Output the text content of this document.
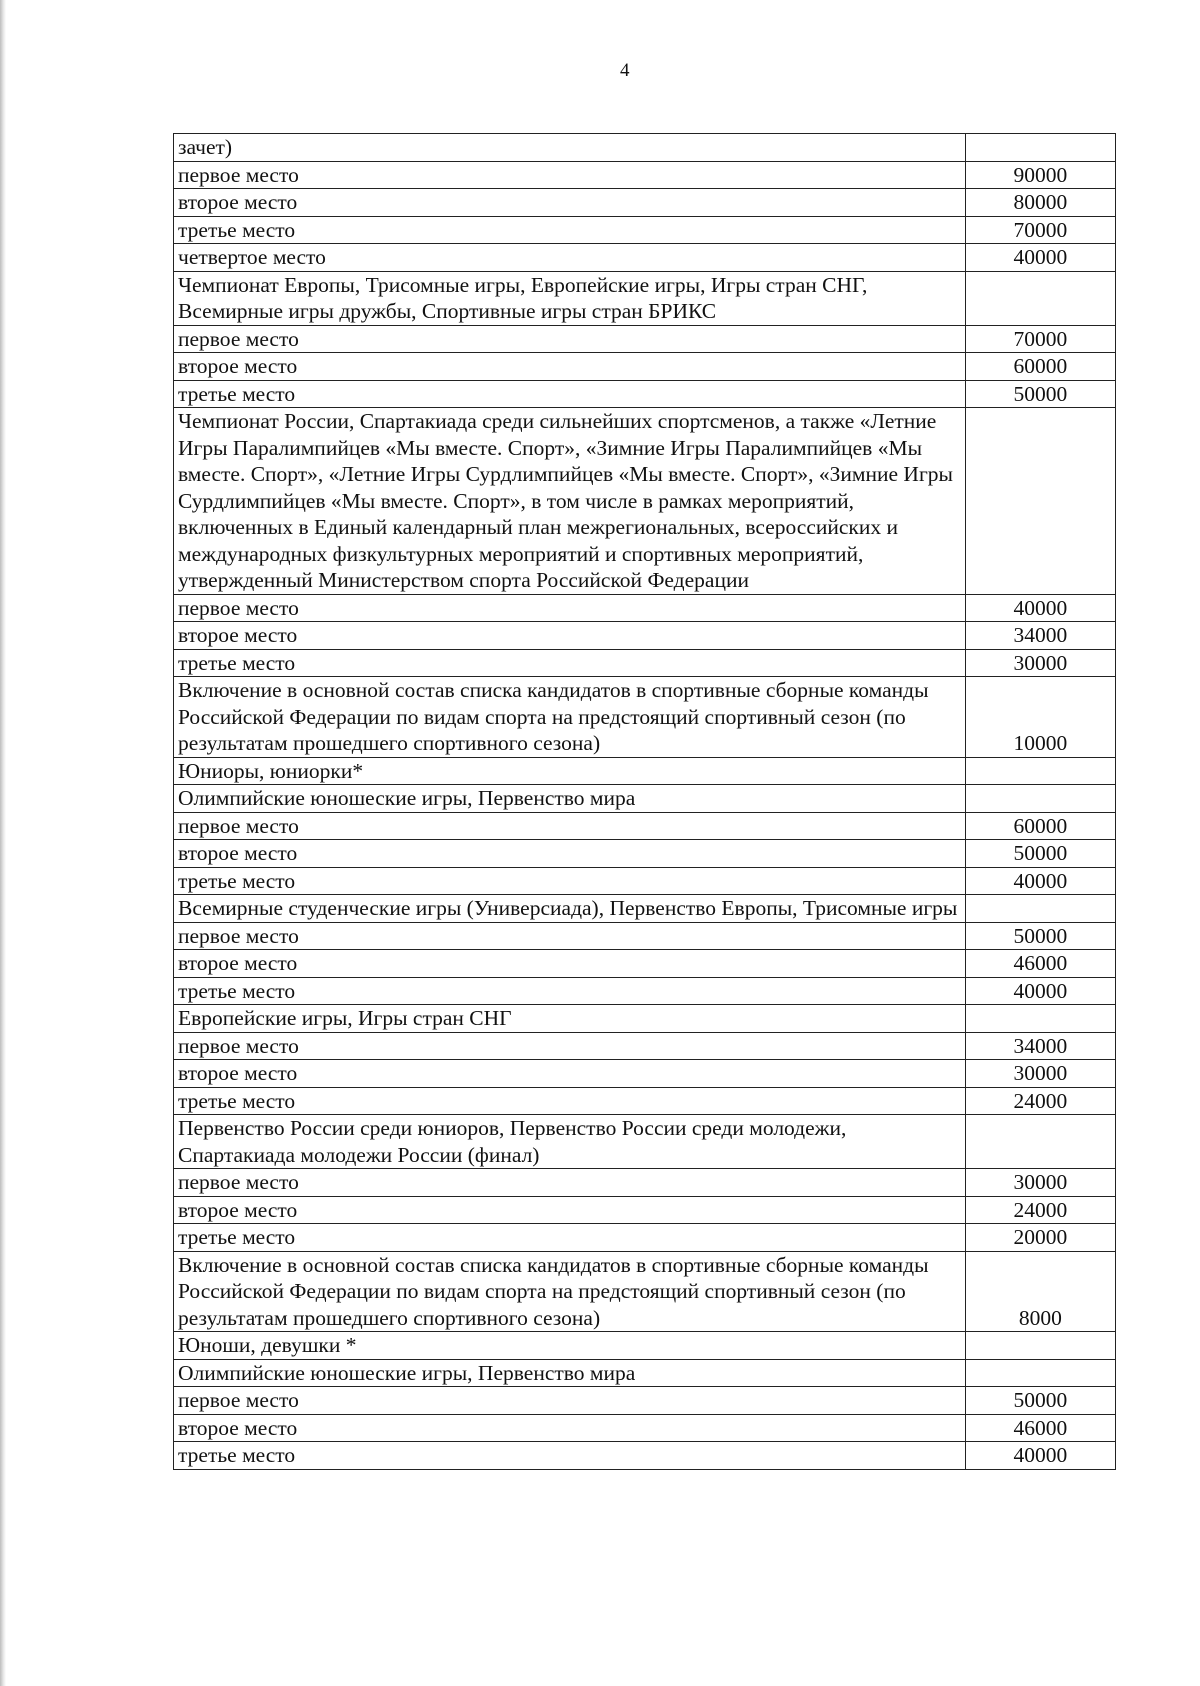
4
зачет)	
первое место	90000
второе место	80000
третье место	70000
четвертое место	40000
Чемпионат Европы, Трисомные игры, Европейские игры, Игры стран СНГ, Всемирные игры дружбы, Спортивные игры стран БРИКС	
первое место	70000
второе место	60000
третье место	50000
Чемпионат России, Спартакиада среди сильнейших спортсменов, а также «Летние Игры Паралимпийцев «Мы вместе. Спорт», «Зимние Игры Паралимпийцев «Мы вместе. Спорт», «Летние Игры Сурдлимпийцев «Мы вместе. Спорт», «Зимние Игры Сурдлимпийцев «Мы вместе. Спорт», в том числе в рамках мероприятий, включенных в Единый календарный план межрегиональных, всероссийских и международных физкультурных мероприятий и спортивных мероприятий, утвержденный Министерством спорта Российской Федерации	
первое место	40000
второе место	34000
третье место	30000
Включение в основной состав списка кандидатов в спортивные сборные команды Российской Федерации по видам спорта на предстоящий спортивный сезон (по результатам прошедшего спортивного сезона)	10000
Юниоры, юниорки*	
Олимпийские юношеские игры, Первенство мира	
первое место	60000
второе место	50000
третье место	40000
Всемирные студенческие игры (Универсиада), Первенство Европы, Трисомные игры	
первое место	50000
второе место	46000
третье место	40000
Европейские игры, Игры стран СНГ	
первое место	34000
второе место	30000
третье место	24000
Первенство России среди юниоров, Первенство России среди молодежи, Спартакиада молодежи России (финал)	
первое место	30000
второе место	24000
третье место	20000
Включение в основной состав списка кандидатов в спортивные сборные команды Российской Федерации по видам спорта на предстоящий спортивный сезон (по результатам прошедшего спортивного сезона)	8000
Юноши, девушки *	
Олимпийские юношеские игры, Первенство мира	
первое место	50000
второе место	46000
третье место	40000
